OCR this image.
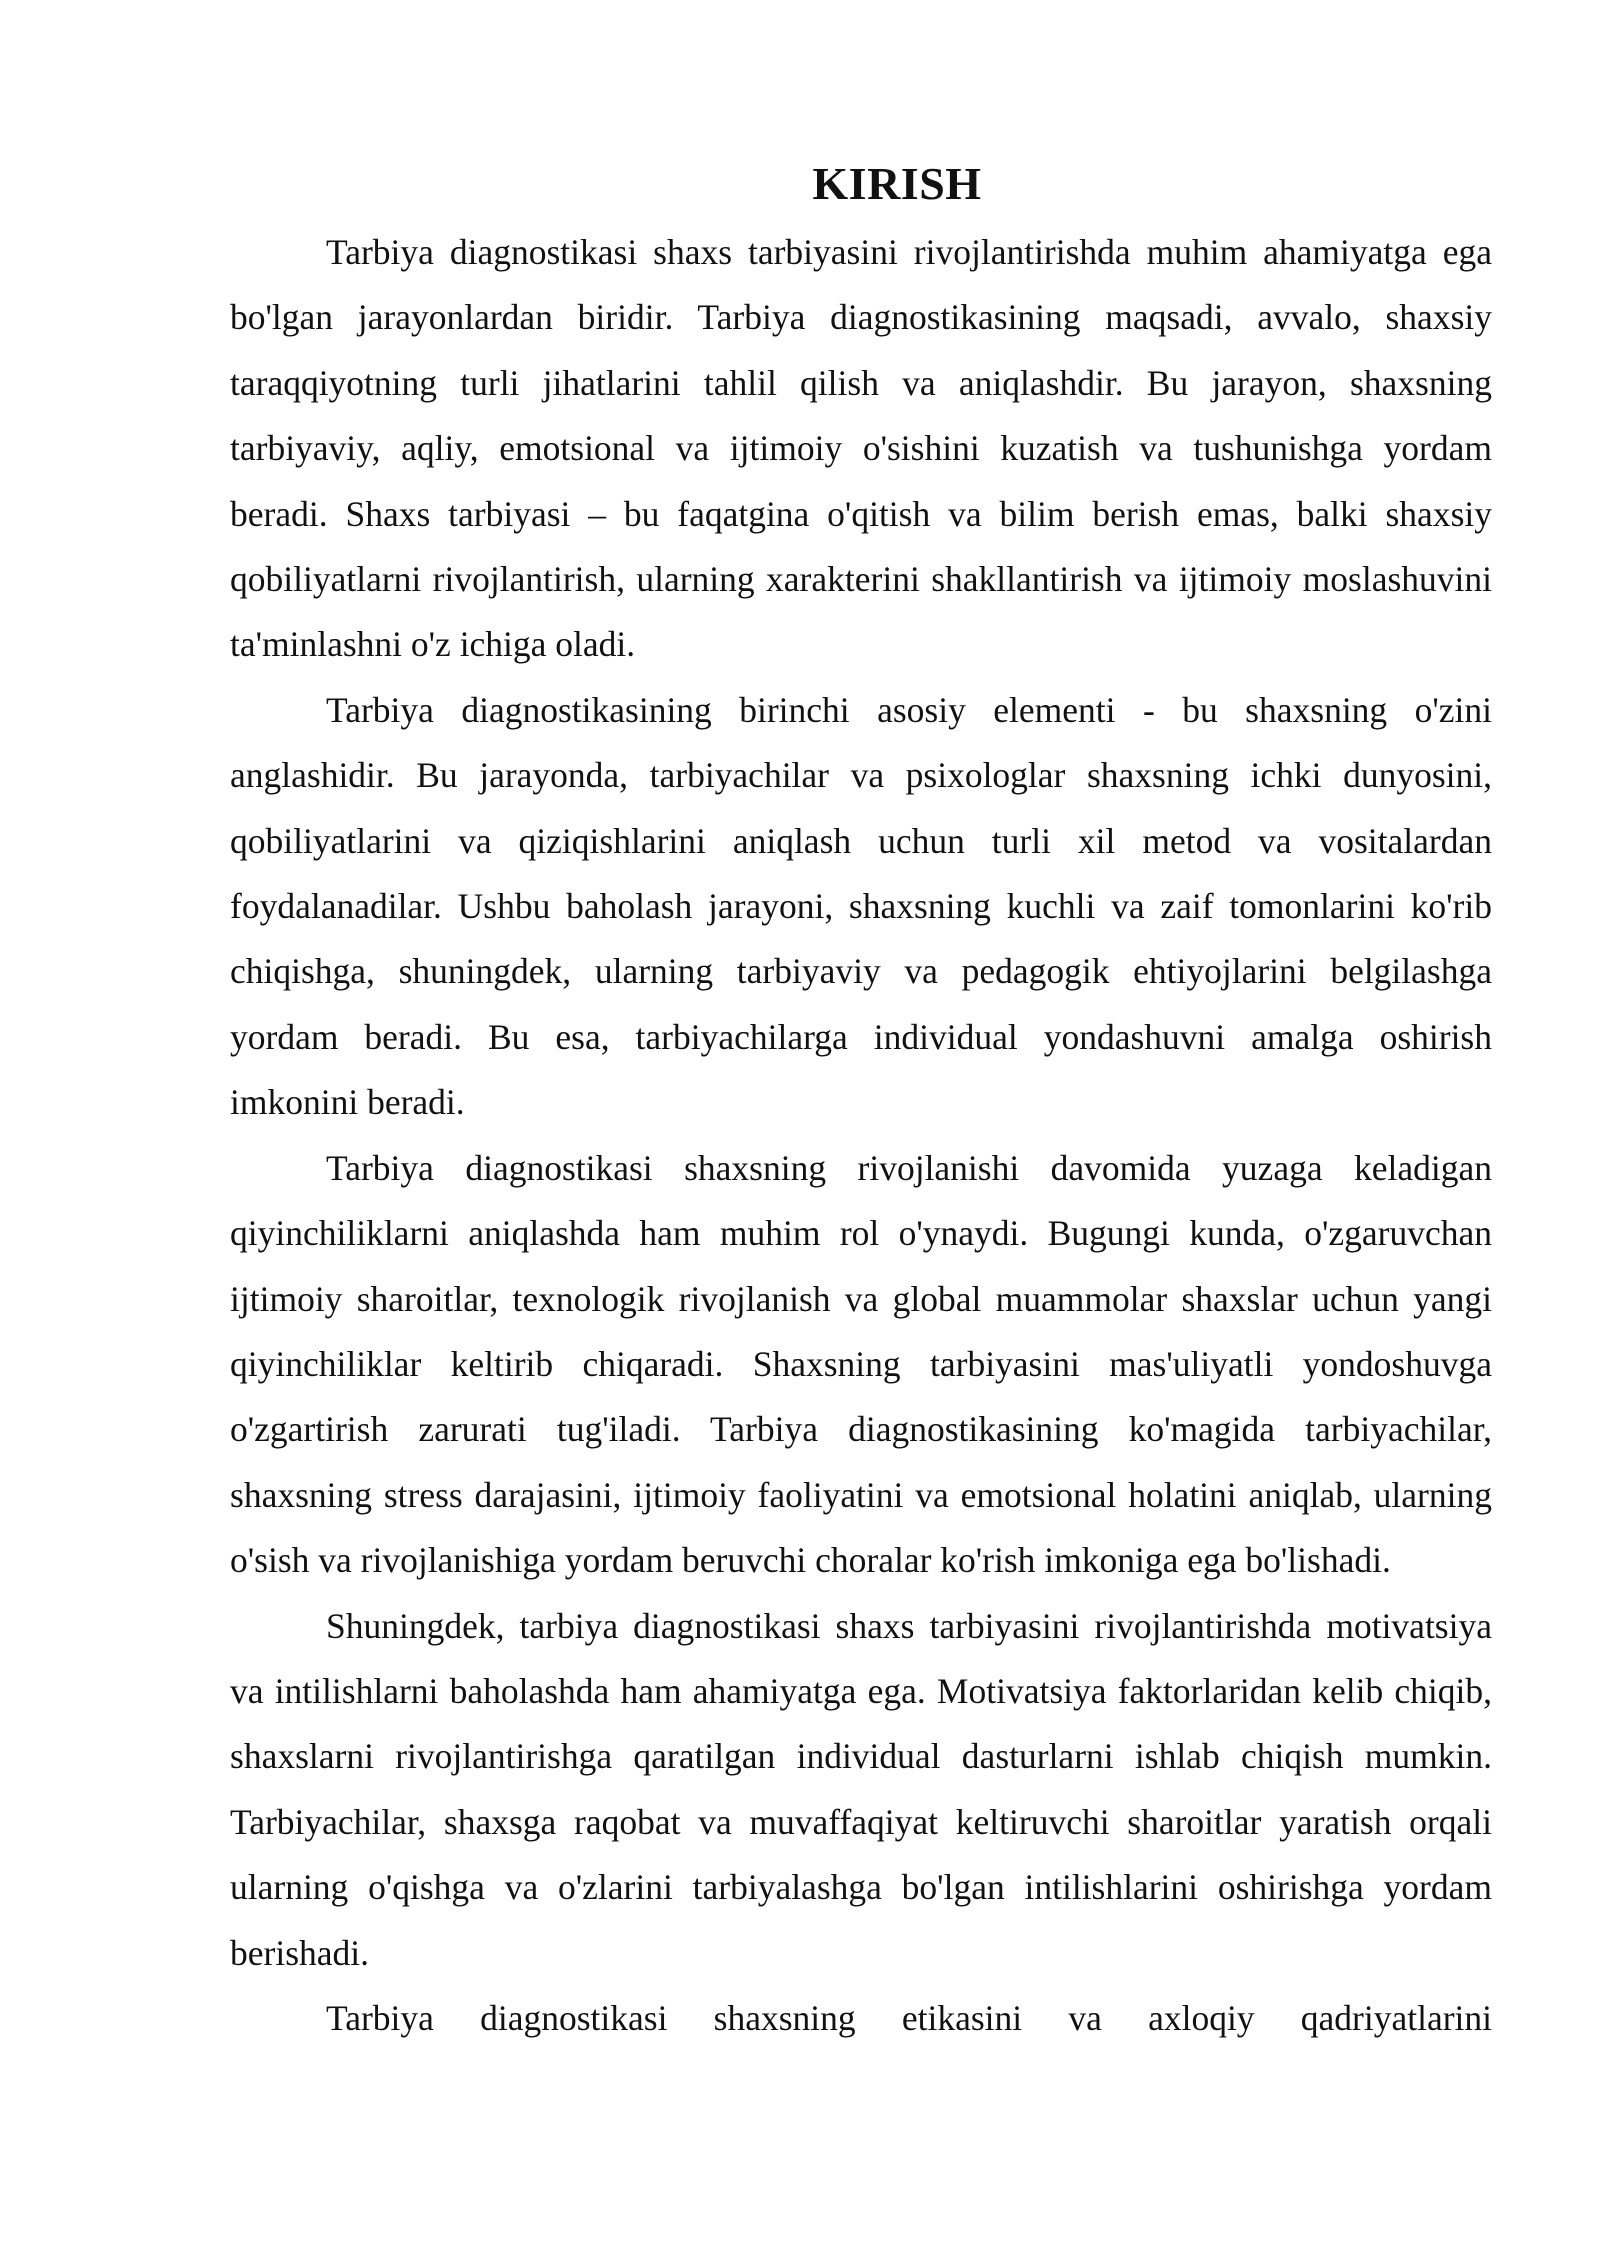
KIRISH

Tarbiya diagnostikasi shaxs tarbiyasini rivojlantirishda muhim ahamiyatga ega bo'lgan jarayonlardan biridir. Tarbiya diagnostikasining maqsadi, avvalo, shaxsiy taraqqiyotning turli jihatlarini tahlil qilish va aniqlashdir. Bu jarayon, shaxsning tarbiyaviy, aqliy, emotsional va ijtimoiy o'sishini kuzatish va tushunishga yordam beradi. Shaxs tarbiyasi – bu faqatgina o'qitish va bilim berish emas, balki shaxsiy qobiliyatlarni rivojlantirish, ularning xarakterini shakllantirish va ijtimoiy moslashuvini ta'minlashni o'z ichiga oladi.

Tarbiya diagnostikasining birinchi asosiy elementi - bu shaxsning o'zini anglashidir. Bu jarayonda, tarbiyachilar va psixologlar shaxsning ichki dunyosini, qobiliyatlarini va qiziqishlarini aniqlash uchun turli xil metod va vositalardan foydalanadilar. Ushbu baholash jarayoni, shaxsning kuchli va zaif tomonlarini ko'rib chiqishga, shuningdek, ularning tarbiyaviy va pedagogik ehtiyojlarini belgilashga yordam beradi. Bu esa, tarbiyachilarga individual yondashuvni amalga oshirish imkonini beradi.

Tarbiya diagnostikasi shaxsning rivojlanishi davomida yuzaga keladigan qiyinchiliklarni aniqlashda ham muhim rol o'ynaydi. Bugungi kunda, o'zgaruvchan ijtimoiy sharoitlar, texnologik rivojlanish va global muammolar shaxslar uchun yangi qiyinchiliklar keltirib chiqaradi. Shaxsning tarbiyasini mas'uliyatli yondoshuvga o'zgartirish zarurati tug'iladi. Tarbiya diagnostikasining ko'magida tarbiyachilar, shaxsning stress darajasini, ijtimoiy faoliyatini va emotsional holatini aniqlab, ularning o'sish va rivojlanishiga yordam beruvchi choralar ko'rish imkoniga ega bo'lishadi.

Shuningdek, tarbiya diagnostikasi shaxs tarbiyasini rivojlantirishda motivatsiya va intilishlarni baholashda ham ahamiyatga ega. Motivatsiya faktorlaridan kelib chiqib, shaxslarni rivojlantirishga qaratilgan individual dasturlarni ishlab chiqish mumkin. Tarbiyachilar, shaxsga raqobat va muvaffaqiyat keltiruvchi sharoitlar yaratish orqali ularning o'qishga va o'zlarini tarbiyalashga bo'lgan intilishlarini oshirishga yordam berishadi.

Tarbiya diagnostikasi shaxsning etikasini va axloqiy qadriyatlarini
